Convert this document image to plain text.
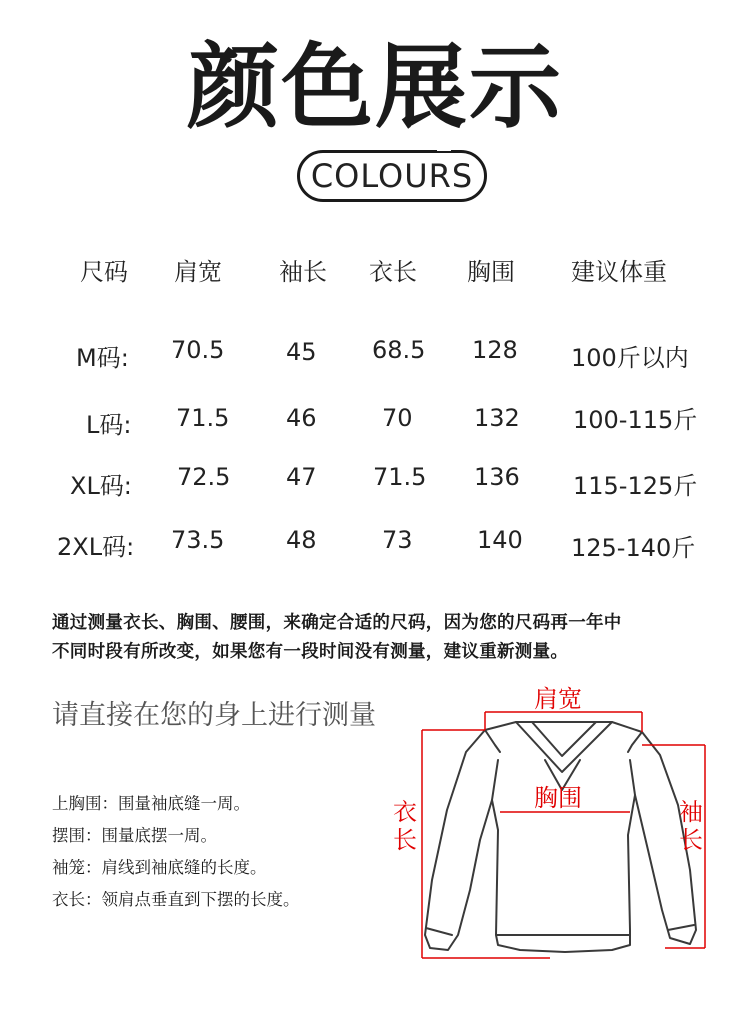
颜色展示
COLOURS
尺码 肩宽 袖长 衣长 胸围 建议体重
M码: 70.5	45 68.5 128 100斤以内
L码: 71.5 46	70	132 100-115斤
XL码: 72.5 47 71.5 136 115-125斤
2XL码: 73.5	48	73	140 125-140斤
通过测量衣长、胸围、腰围，来确定合适的尺码，因为您的尺码再一年中
不同时段有所改变，如果您有一段时间没有测量，建议重新测量。
请直接在您的身上进行测量
上胸围：围量袖底缝一周。
摆围：围量底摆一周。
袖笼：肩线到袖底缝的长度。
衣长：领肩点垂直到下摆的长度。
肩宽
胸围
衣长
袖长
